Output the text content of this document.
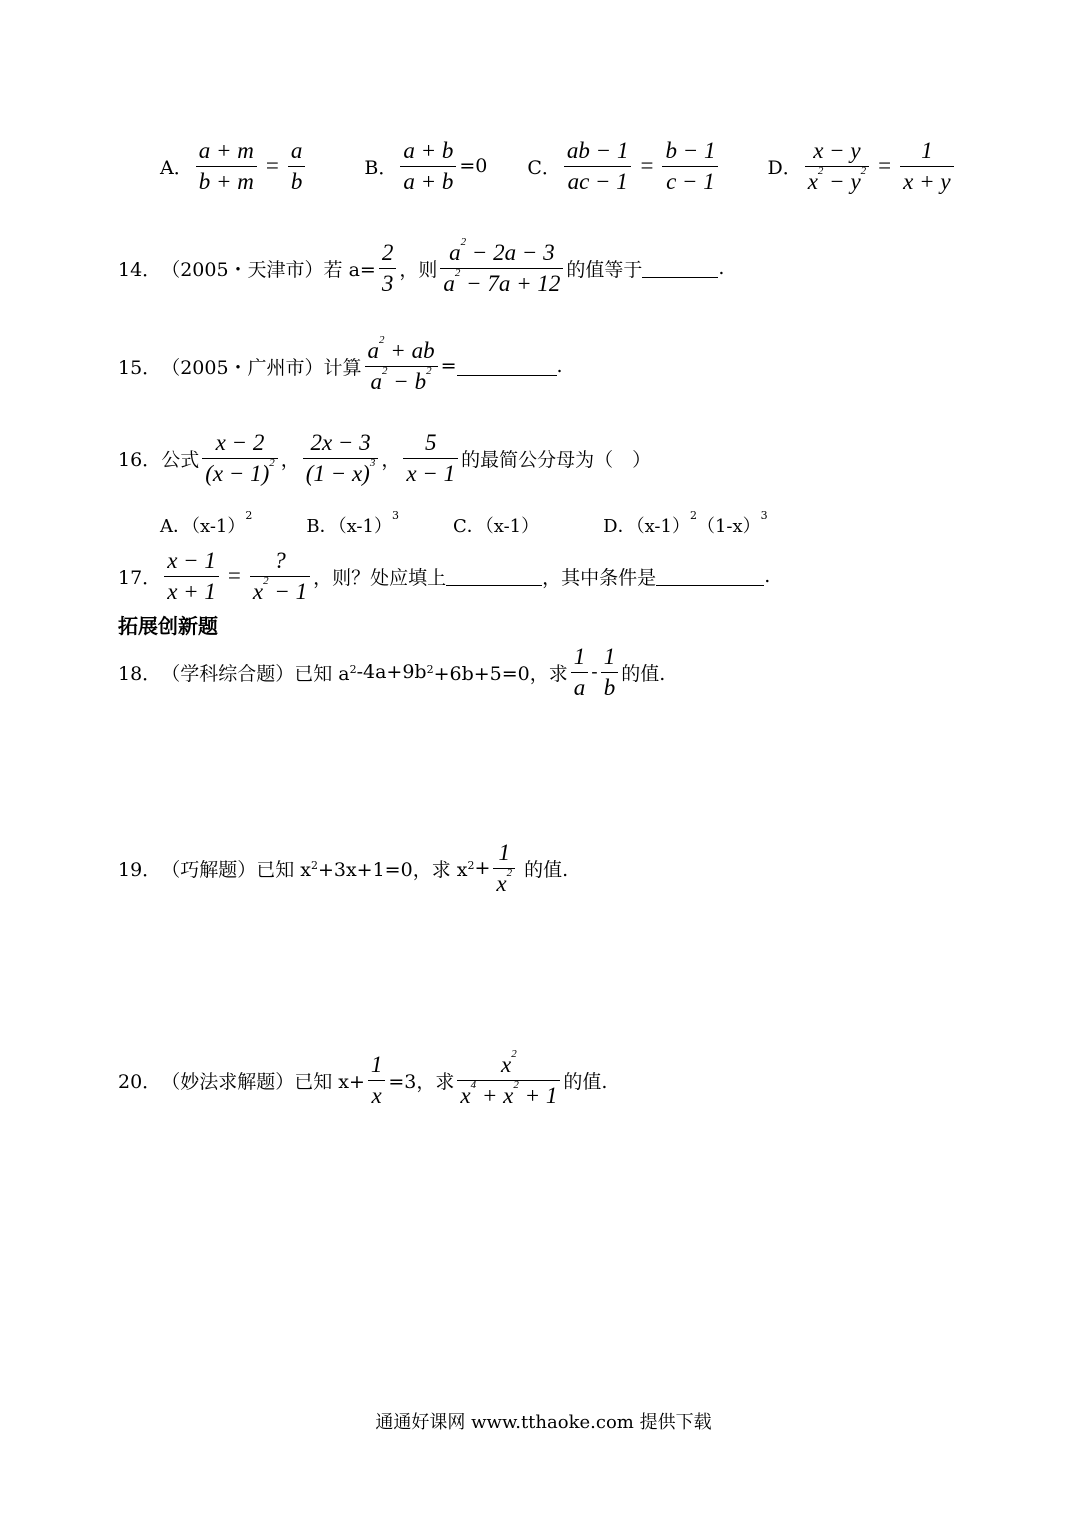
A． $\frac{a + m}{b + m} = \frac{a}{b}$	B． $\frac{a + b}{a + b} =0$ C． $\frac{ab - 1}{ac - 1} = \frac{b - 1}{c - 1}$	D． $\frac{x - y}{x^2 - y^2} = \frac{1}{x + y}$
14． （2005・天津市）若 $a= \frac{2}{3}$ ，则 $\frac{a^2 - 2a - 3}{a^2 - 7a + 12}$ 的值等于	.
15． （2005・广州市）计算 $\frac{a^2 + ab}{a^2 - b^2}$ =	.
16． 公式 $\frac{x - 2}{(x - 1)^2}$ ， $\frac{2x - 3}{(1 - x)^3}$ ， $\frac{5}{x - 1}$ 的最简公分母为（　）
A．$(x-1)^2$
B．$(x-1)^3$
C．（x-1）	D．$(x-1)^2(1-x)^3$
17． $\frac{x - 1}{x + 1} = \frac{?}{x^2 - 1}$ ，则？处应填上	，其中条件是	.
拓展创新题
18． （学科综合题）已知 $a^2$ $-4a+9b^2 +6b+5=0$，求 $\frac{1}{a} - \frac{1}{b}$ 的值.
19． （巧解题）已知 $x^2 +3x+1=0$，求 $x^2 + \frac{1}{x^2}$ 的值.
20． （妙法求解题）已知 $x+ \frac{1}{x} =3$，求 $\frac{x^2}{x^4 + x^2 + 1}$ 的值.
通通好课网 www.tthaoke.com 提供下载
